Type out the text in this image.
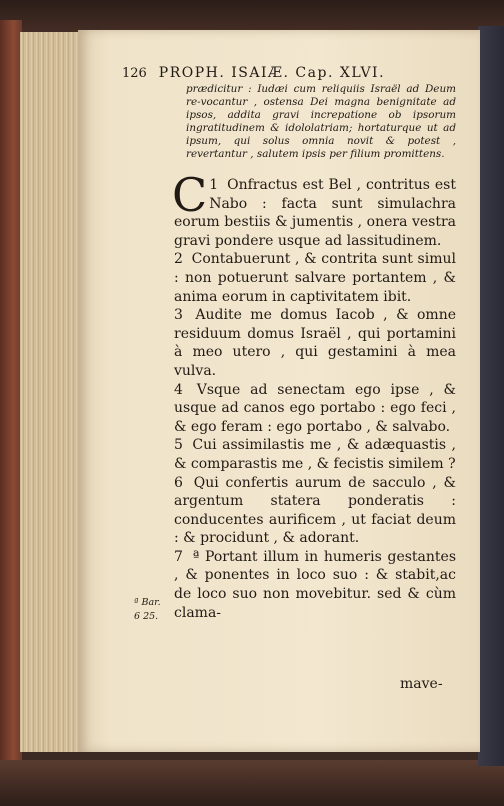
126 PROPH. ISAIÆ. Cap. XLVI.
prædicitur : Iudæi cum reliquiis Israël ad Deum re-vocantur , ostensa Dei magna benignitate ad ipsos, addita gravi increpatione ob ipsorum ingratitudinem & idololatriam; hortaturque ut ad ipsum, qui solus omnia novit & potest , revertantur , salutem ipsis per filium promittens.

1
C Onfractus est Bel , contritus est Nabo : facta sunt simulachra eorum bestiis & jumentis , onera vestra gravi pondere usque ad lassitudinem.

2 Contabuerunt , & contrita sunt simul : non potuerunt salvare portantem , & anima eorum in captivitatem ibit.

3 Audite me domus Iacob , & omne residuum domus Israël , qui portamini à meo utero , qui gestamini à mea vulva.

4 Vsque ad senectam ego ipse , & usque ad canos ego portabo : ego feci , & ego feram : ego portabo , & salvabo.

5 Cui assimilastis me , & adæquastis , & comparastis me , & fecistis similem ?

6 Qui confertis aurum de sacculo , & argentum statera ponderatis : conducentes aurificem , ut faciat deum : & procidunt , & adorant.

7 ª Portant illum in humeris gestantes , & ponentes in loco suo : & stabit,ac de loco suo non movebitur. sed & cùm clama-

ª Bar.
6 25.
mave-
